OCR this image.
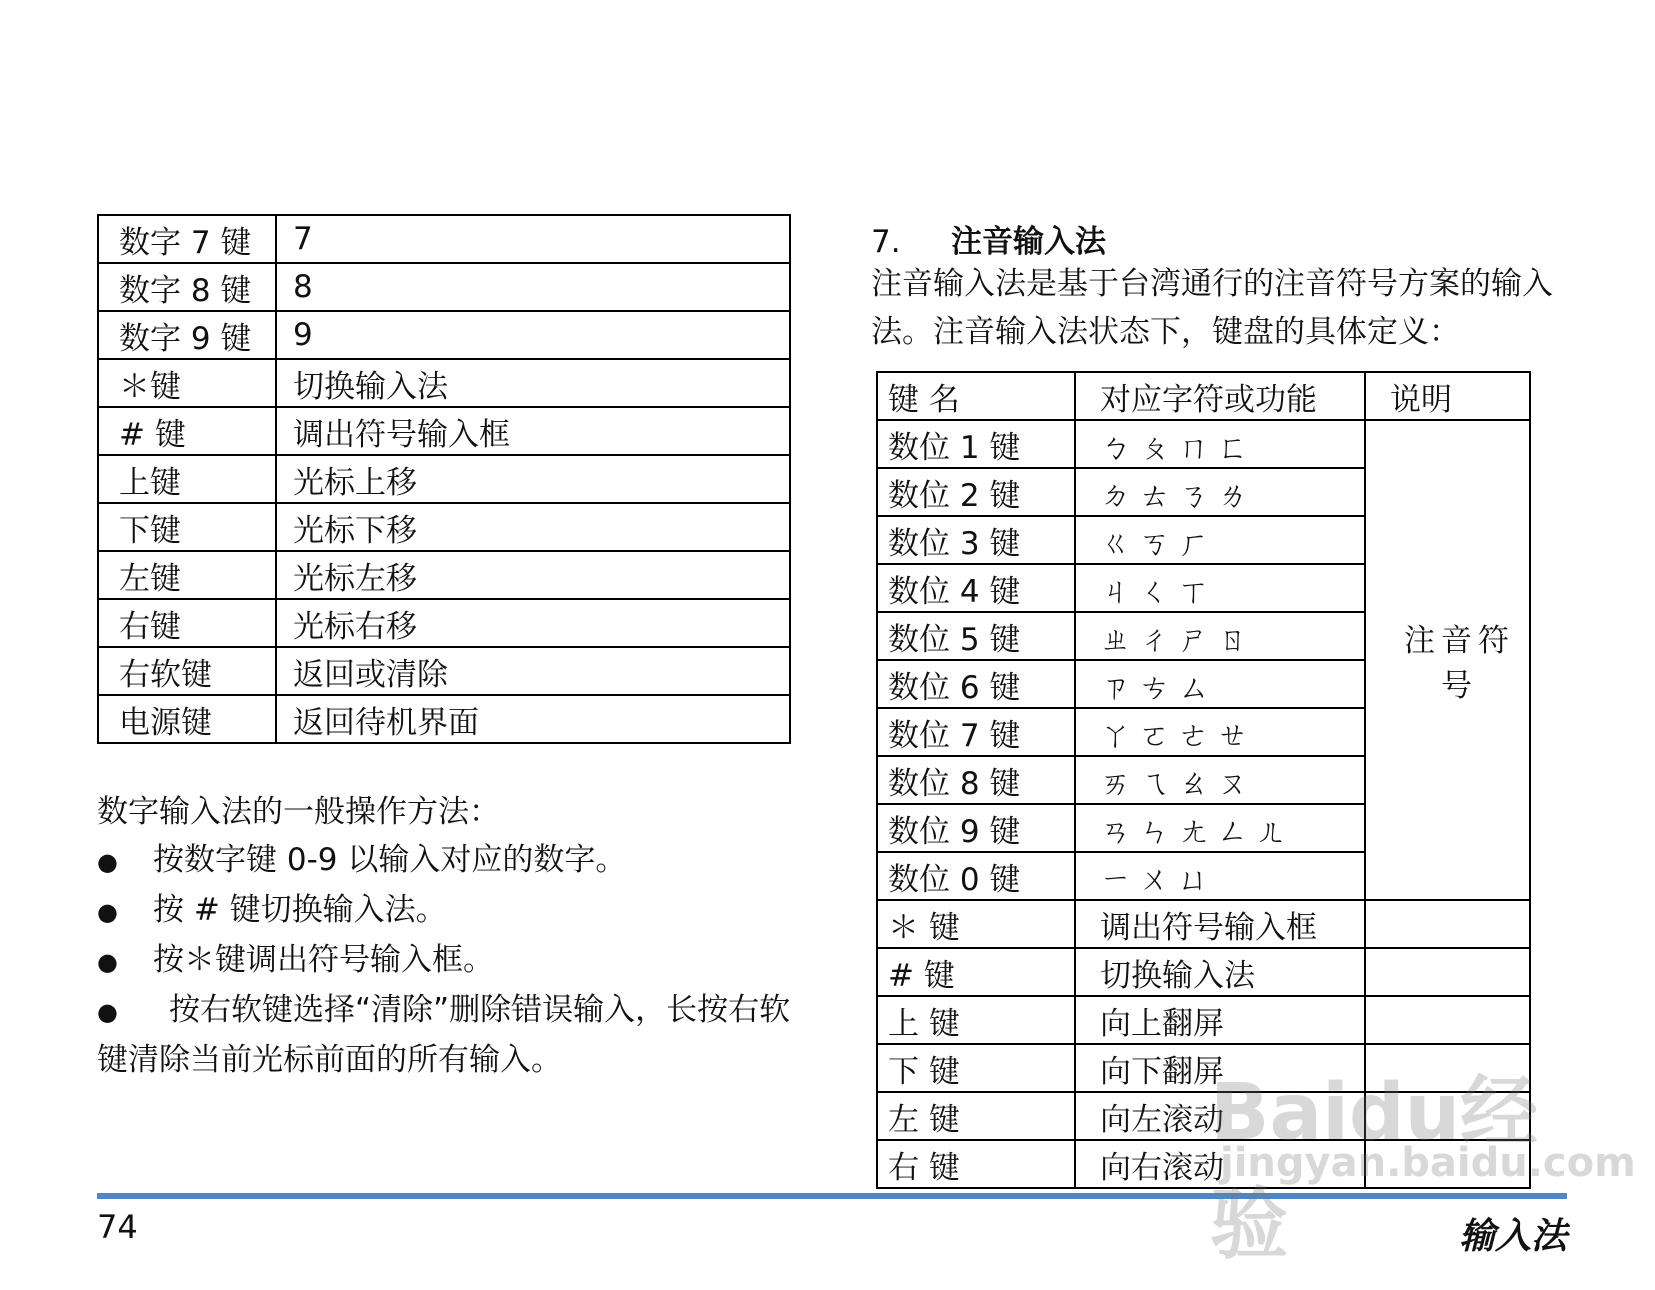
数字 7 键	7
数字 8 键	8
数字 9 键	9
＊键	切换输入法
# 键	调出符号输入框
上键	光标上移
下键	光标下移
左键	光标左移
右键	光标右移
右软键	返回或清除
电源键	返回待机界面

数字输入法的一般操作方法：

●	按数字键 0-9 以输入对应的数字。
●	按 # 键切换输入法。
●	按＊键调出符号输入框。

● 按右软键选择“清除”删除错误输入，长按右软键清除当前光标前面的所有输入。

7. 注音输入法
注音输入法是基于台湾通行的注音符号方案的输入法。注音输入法状态下，键盘的具体定义：
键 名	对应字符或功能	说明
数位 1 键	ㄅㄆㄇㄈ	注音符号
数位 2 键	ㄉㄊㄋㄌ	
数位 3 键	ㄍㄎㄏ	
数位 4 键	ㄐㄑㄒ	
数位 5 键	ㄓㄔㄕㄖ	
数位 6 键	ㄗㄘㄙ	
数位 7 键	ㄚㄛㄜㄝ	
数位 8 键	ㄞㄟㄠㄡ	
数位 9 键	ㄢㄣㄤㄥㄦ	
数位 0 键	ㄧㄨㄩ	
＊ 键	调出符号输入框	
# 键	切换输入法	
上 键	向上翻屏	
下 键	向下翻屏	
左 键	向左滚动	
右 键	向右滚动	
74	输入法
Baidu经验
jingyan.baidu.com
